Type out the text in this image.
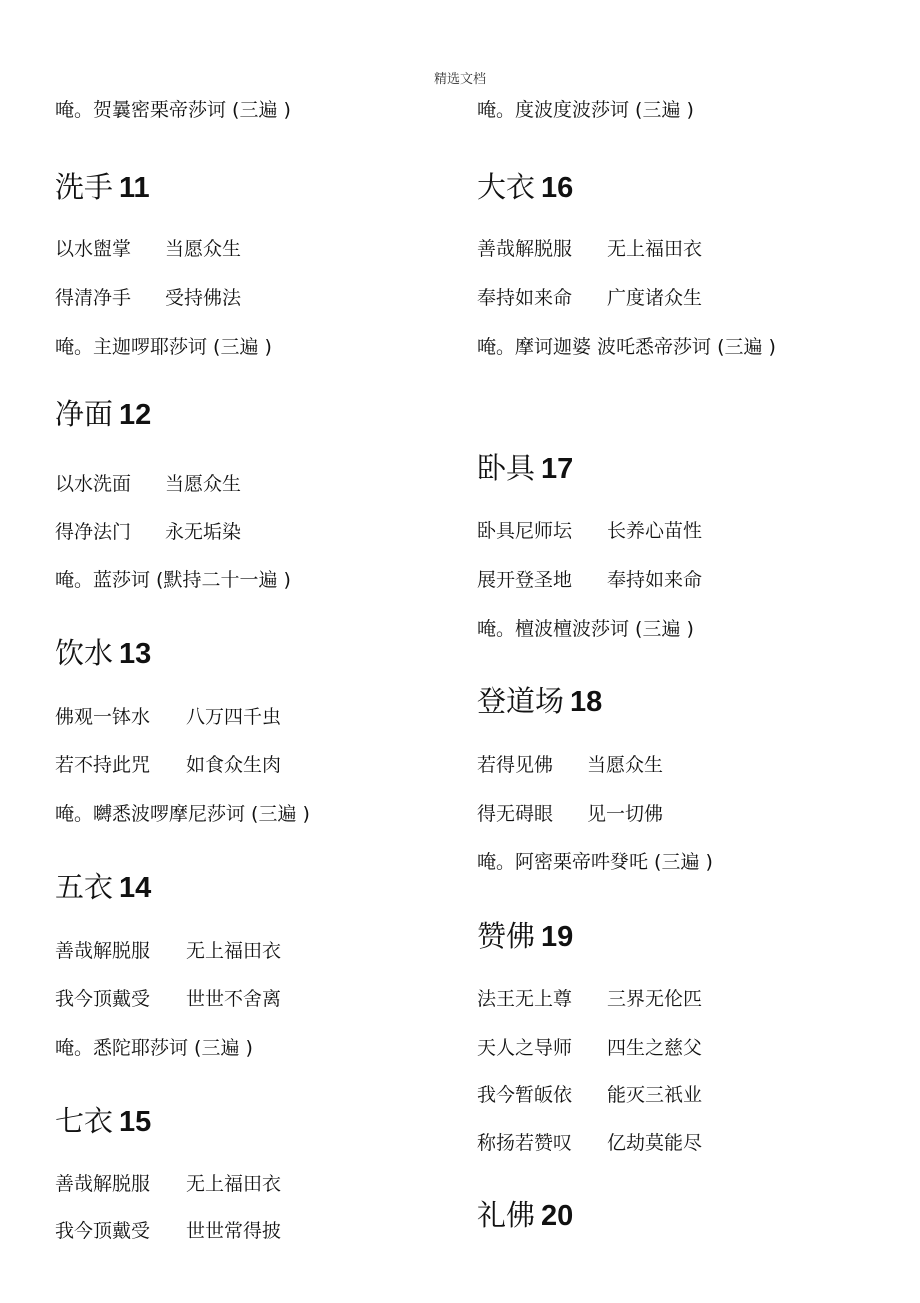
精选文档
唵。贺曩密栗帝莎诃 (三遍 )
洗手 11
以水盥掌 当愿众生
得清净手 受持佛法
唵。主迦啰耶莎诃 (三遍 )
净面 12
以水洗面 当愿众生
得净法门 永无垢染
唵。蓝莎诃 (默持二十一遍 )
饮水 13
佛观一钵水 八万四千虫
若不持此咒 如食众生肉
唵。嚩悉波啰摩尼莎诃 (三遍 )
五衣 14
善哉解脱服 无上福田衣
我今顶戴受 世世不舍离
唵。悉陀耶莎诃 (三遍 )
七衣 15
善哉解脱服 无上福田衣
我今顶戴受 世世常得披
唵。度波度波莎诃 (三遍 )
大衣 16
善哉解脱服 无上福田衣
奉持如来命 广度诸众生
唵。摩诃迦婆 波吒悉帝莎诃 (三遍 )
卧具 17
卧具尼师坛 长养心苗性
展开登圣地 奉持如来命
唵。檀波檀波莎诃 (三遍 )
登道场 18
若得见佛 当愿众生
得无碍眼 见一切佛
唵。阿密栗帝吽癹吒 (三遍 )
赞佛 19
法王无上尊 三界无伦匹
天人之导师 四生之慈父
我今暂皈依 能灭三祇业
称扬若赞叹 亿劫莫能尽
礼佛 20
